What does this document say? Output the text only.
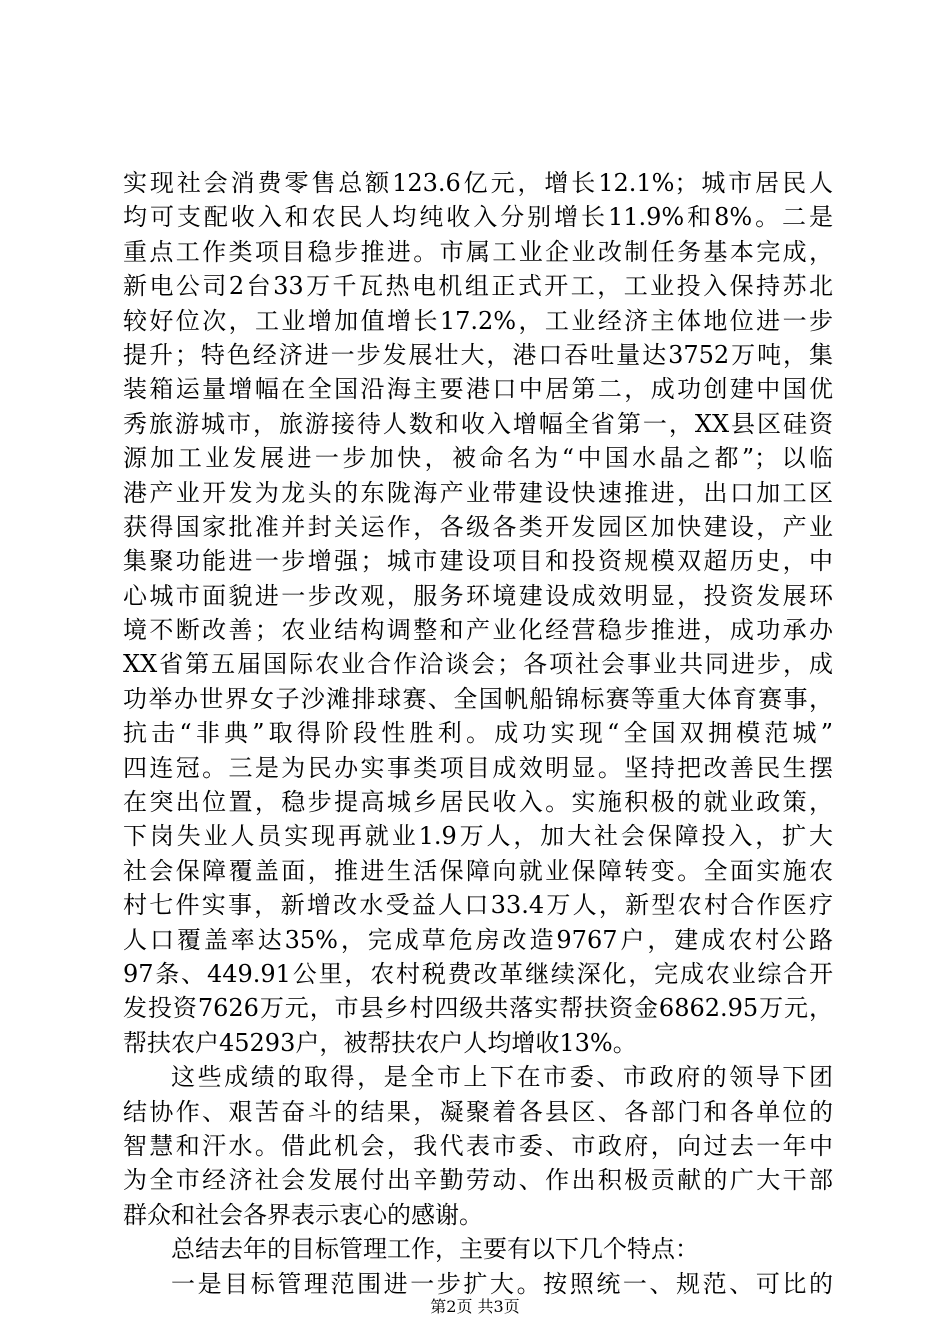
实现社会消费零售总额123.6亿元，增长12.1%；城市居民人
均可支配收入和农民人均纯收入分别增长11.9%和8%。二是
重点工作类项目稳步推进。市属工业企业改制任务基本完成，
新电公司2台33万千瓦热电机组正式开工，工业投入保持苏北
较好位次，工业增加值增长17.2%，工业经济主体地位进一步
提升；特色经济进一步发展壮大，港口吞吐量达3752万吨，集
装箱运量增幅在全国沿海主要港口中居第二，成功创建中国优
秀旅游城市，旅游接待人数和收入增幅全省第一，XX县区硅资
源加工业发展进一步加快，被命名为“中国水晶之都”；以临
港产业开发为龙头的东陇海产业带建设快速推进，出口加工区
获得国家批准并封关运作，各级各类开发园区加快建设，产业
集聚功能进一步增强；城市建设项目和投资规模双超历史，中
心城市面貌进一步改观，服务环境建设成效明显，投资发展环
境不断改善；农业结构调整和产业化经营稳步推进，成功承办
XX省第五届国际农业合作洽谈会；各项社会事业共同进步，成
功举办世界女子沙滩排球赛、全国帆船锦标赛等重大体育赛事，
抗击“非典”取得阶段性胜利。成功实现“全国双拥模范城”
四连冠。三是为民办实事类项目成效明显。坚持把改善民生摆
在突出位置，稳步提高城乡居民收入。实施积极的就业政策，
下岗失业人员实现再就业1.9万人，加大社会保障投入，扩大
社会保障覆盖面，推进生活保障向就业保障转变。全面实施农
村七件实事，新增改水受益人口33.4万人，新型农村合作医疗
人口覆盖率达35%，完成草危房改造9767户，建成农村公路
97条、449.91公里，农村税费改革继续深化，完成农业综合开
发投资7626万元，市县乡村四级共落实帮扶资金6862.95万元，
帮扶农户45293户，被帮扶农户人均增收13%。
这些成绩的取得，是全市上下在市委、市政府的领导下团
结协作、艰苦奋斗的结果，凝聚着各县区、各部门和各单位的
智慧和汗水。借此机会，我代表市委、市政府，向过去一年中
为全市经济社会发展付出辛勤劳动、作出积极贡献的广大干部
群众和社会各界表示衷心的感谢。
总结去年的目标管理工作，主要有以下几个特点：
一是目标管理范围进一步扩大。按照统一、规范、可比的
第2页 共3页
